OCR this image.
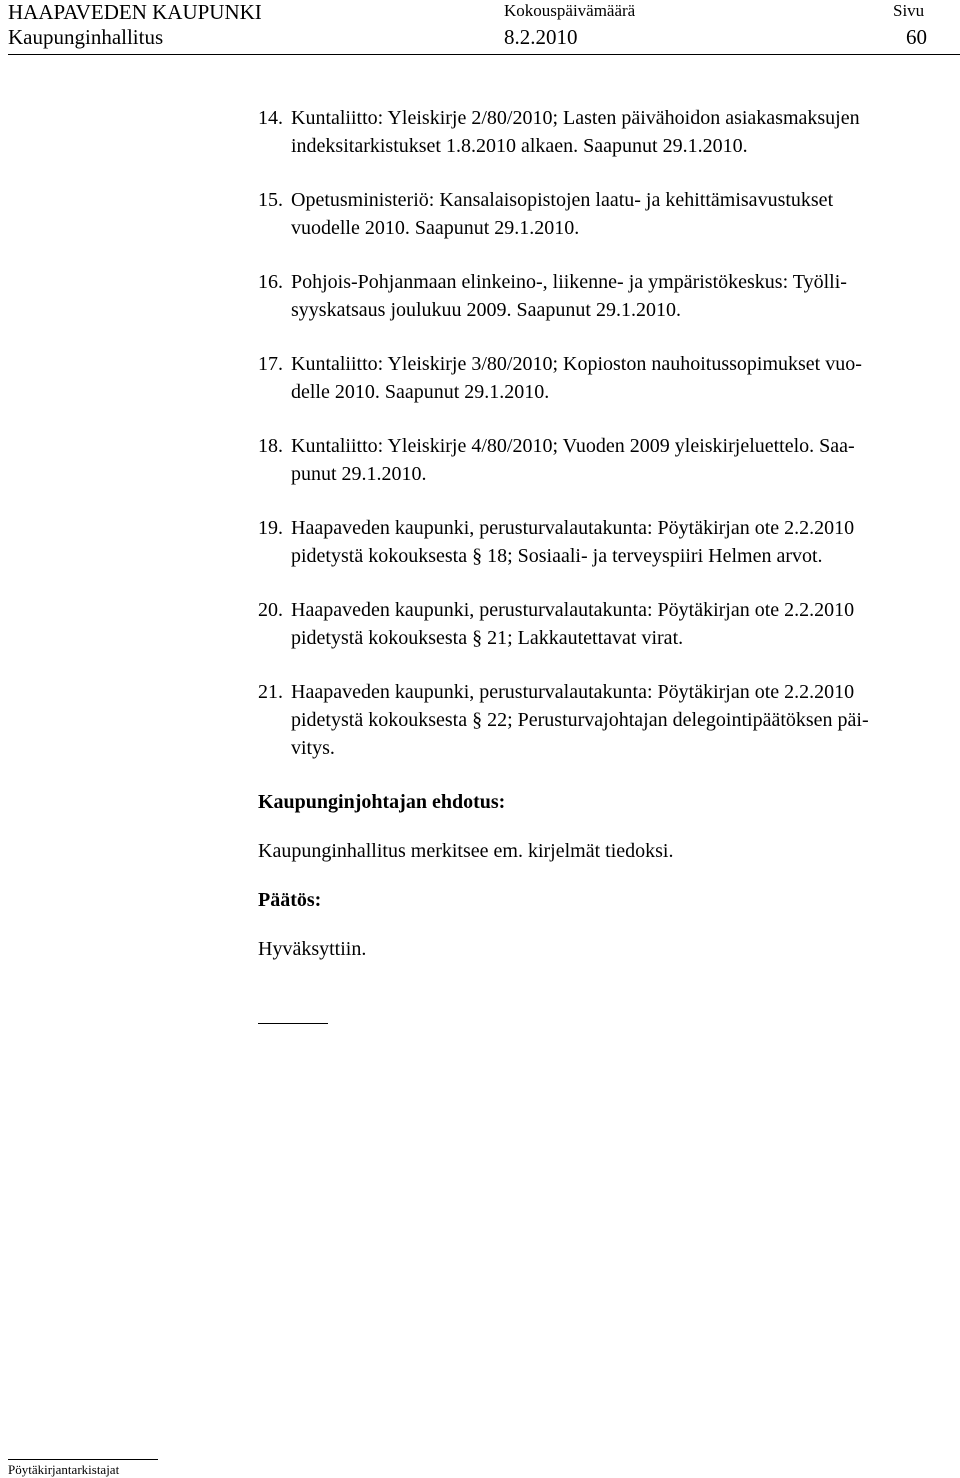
HAAPAVEDEN KAUPUNKI
Kaupunginhallitus
Kokouspäivämäärä
8.2.2010
Sivu
60
14. Kuntaliitto: Yleiskirje 2/80/2010; Lasten päivähoidon asiakasmaksujen
indeksitarkistukset 1.8.2010 alkaen. Saapunut 29.1.2010.
15. Opetusministeriö: Kansalaisopistojen laatu- ja kehittämisavustukset
vuodelle 2010. Saapunut 29.1.2010.
16. Pohjois-Pohjanmaan elinkeino-, liikenne- ja ympäristökeskus: Työlli-
syyskatsaus joulukuu 2009. Saapunut 29.1.2010.
17. Kuntaliitto: Yleiskirje 3/80/2010; Kopioston nauhoitussopimukset vuo-
delle 2010. Saapunut 29.1.2010.
18. Kuntaliitto: Yleiskirje 4/80/2010; Vuoden 2009 yleiskirjeluettelo. Saa-
punut 29.1.2010.
19. Haapaveden kaupunki, perusturvalautakunta: Pöytäkirjan ote 2.2.2010
pidetystä kokouksesta § 18; Sosiaali- ja terveyspiiri Helmen arvot.
20. Haapaveden kaupunki, perusturvalautakunta: Pöytäkirjan ote 2.2.2010
pidetystä kokouksesta § 21; Lakkautettavat virat.
21. Haapaveden kaupunki, perusturvalautakunta: Pöytäkirjan ote 2.2.2010
pidetystä kokouksesta § 22; Perusturvajohtajan delegointipäätöksen päi-
vitys.
Kaupunginjohtajan ehdotus:
Kaupunginhallitus merkitsee em. kirjelmät tiedoksi.
Päätös:
Hyväksyttiin.
Pöytäkirjantarkistajat
